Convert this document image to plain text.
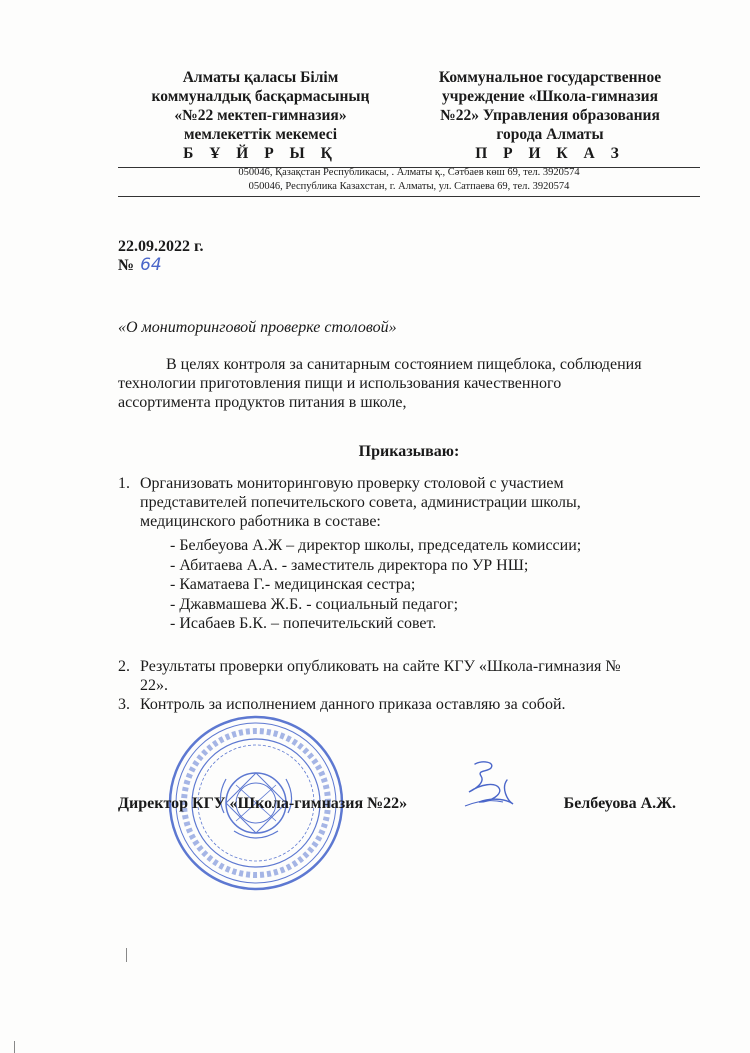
Алматы қаласы Білім
коммуналдық басқармасының
«№22 мектеп-гимназия»
мемлекеттік мекемесі
Б Ұ Й Р Ы Қ
Коммунальное государственное
учреждение «Школа-гимназия
№22» Управления образования
города Алматы
П Р И К А З
050046, Қазақстан Республикасы, . Алматы қ., Сәтбаев көш 69, тел. 3920574
050046, Республика Казахстан, г. Алматы, ул. Сатпаева 69, тел. 3920574
22.09.2022 г.
№ 64
«О мониторинговой проверке столовой»

В целях контроля за санитарным состоянием пищеблока, соблюдения

технологии приготовления пищи и использования качественного

ассортимента продуктов питания в школе,

Приказываю:
1. Организовать мониторинговую проверку столовой с участием
представителей попечительского совета, администрации школы,
медицинского работника в составе:
- Белбеуова А.Ж – директор школы, председатель комиссии;
- Абитаева А.А. - заместитель директора по УР НШ;
- Каматаева Г.- медицинская сестра;
- Джавмашева Ж.Б. - социальный педагог;
- Исабаев Б.К. – попечительский совет.
2. Результаты проверки опубликовать на сайте КГУ «Школа-гимназия №
22».
3. Контроль за исполнением данного приказа оставляю за собой.
Директор КГУ «Школа-гимназия №22»	Белбеуова А.Ж.
